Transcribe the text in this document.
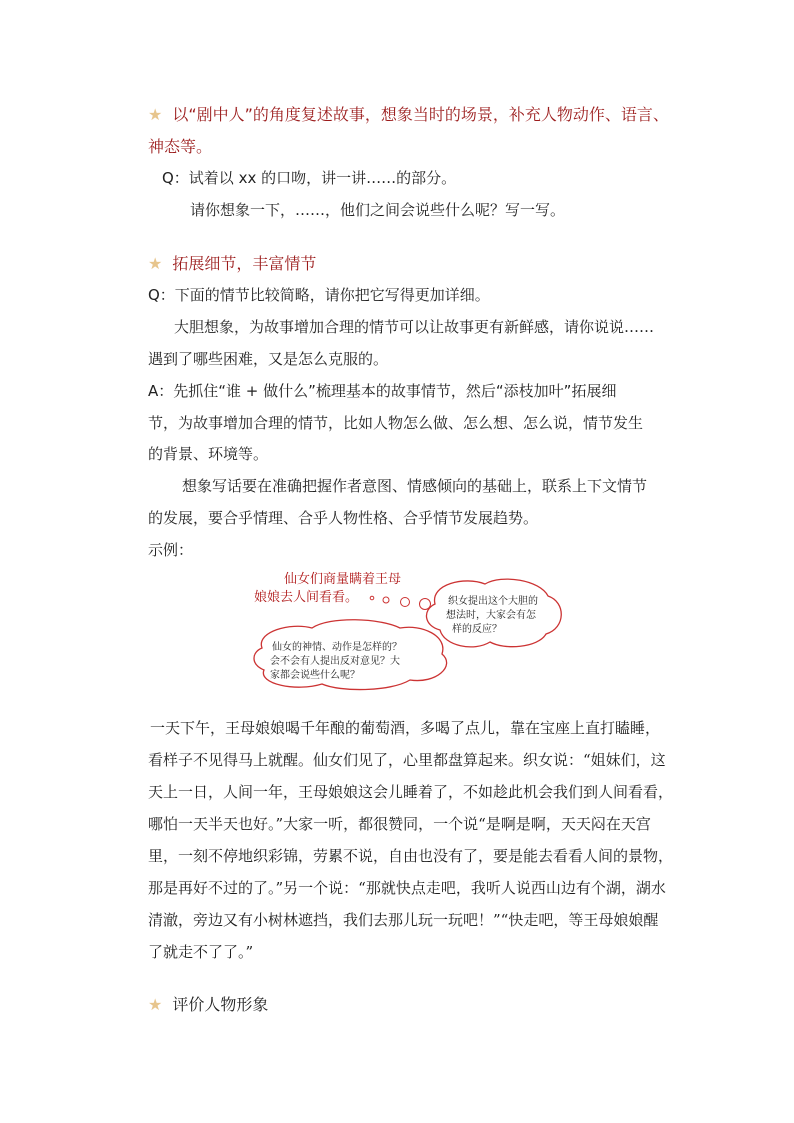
★ 以“剧中人”的角度复述故事，想象当时的场景，补充人物动作、语言、
神态等。
Q：试着以 xx 的口吻，讲一讲……的部分。
请你想象一下，……，他们之间会说些什么呢？写一写。
★ 拓展细节，丰富情节
Q：下面的情节比较简略，请你把它写得更加详细。
大胆想象，为故事增加合理的情节可以让故事更有新鲜感，请你说说……
遇到了哪些困难，又是怎么克服的。
A：先抓住“谁 + 做什么”梳理基本的故事情节，然后“添枝加叶”拓展细
节，为故事增加合理的情节，比如人物怎么做、怎么想、怎么说，情节发生
的背景、环境等。
想象写话要在准确把握作者意图、情感倾向的基础上，联系上下文情节
的发展，要合乎情理、合乎人物性格、合乎情节发展趋势。
示例：
仙女们商量瞒着王母
娘娘去人间看看。	织女提出这个大胆的
想法时，大家会有怎
样的反应？
仙女的神情、动作是怎样的？
会不会有人提出反对意见？大
家都会说些什么呢？
一天下午，王母娘娘喝千年酿的葡萄酒，多喝了点儿，靠在宝座上直打瞌睡，
看样子不见得马上就醒。仙女们见了，心里都盘算起来。织女说：“姐妹们，这
天上一日，人间一年，王母娘娘这会儿睡着了，不如趁此机会我们到人间看看，
哪怕一天半天也好。”大家一听，都很赞同，一个说“是啊是啊，天天闷在天宫
里，一刻不停地织彩锦，劳累不说，自由也没有了，要是能去看看人间的景物，
那是再好不过的了。”另一个说：“那就快点走吧，我听人说西山边有个湖，湖水
清澈，旁边又有小树林遮挡，我们去那儿玩一玩吧！”“快走吧，等王母娘娘醒
了就走不了了。”
★ 评价人物形象
